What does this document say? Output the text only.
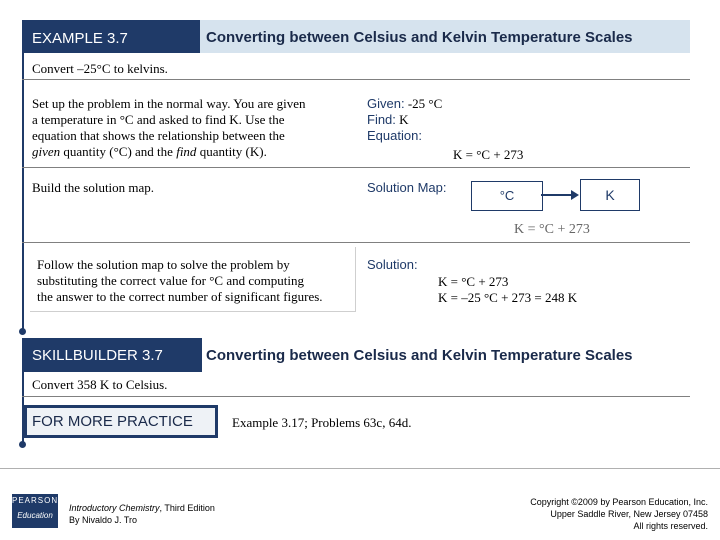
EXAMPLE 3.7	Converting between Celsius and Kelvin Temperature Scales
Convert –25°C to kelvins.
Set up the problem in the normal way. You are given
a temperature in °C and asked to find K. Use the
equation that shows the relationship between the
given quantity (°C) and the find quantity (K).
Given: -25 °C
Find: K
Equation:
K = °C + 273
Build the solution map.	Solution Map:
°C	K
K = °C + 273
Follow the solution map to solve the problem by
substituting the correct value for °C and computing
the answer to the correct number of significant figures.
Solution:
K = °C + 273
K = –25 °C + 273 = 248 K
SKILLBUILDER 3.7	Converting between Celsius and Kelvin Temperature Scales
Convert 358 K to Celsius.
FOR MORE PRACTICE	Example 3.17; Problems 63c, 64d.
PEARSON
Education
Introductory Chemistry, Third Edition
By Nivaldo J. Tro
Copyright ©2009 by Pearson Education, Inc.
Upper Saddle River, New Jersey 07458
All rights reserved.
